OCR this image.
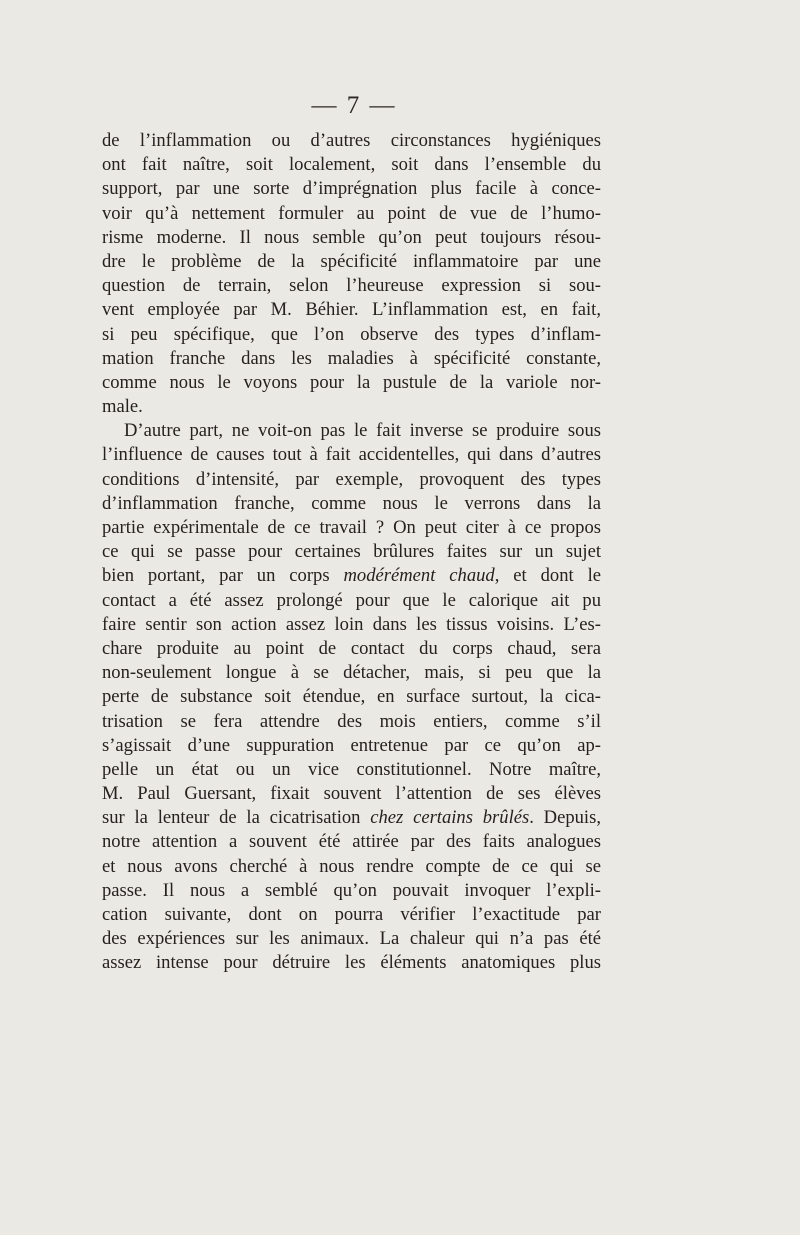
— 7 —
de l’inflammation ou d’autres circonstances hygiéniques
ont fait naître, soit localement, soit dans l’ensemble du
support, par une sorte d’imprégnation plus facile à conce-
voir qu’à nettement formuler au point de vue de l’humo-
risme moderne. Il nous semble qu’on peut toujours résou-
dre le problème de la spécificité inflammatoire par une
question de terrain, selon l’heureuse expression si sou-
vent employée par M. Béhier. L’inflammation est, en fait,
si peu spécifique, que l’on observe des types d’inflam-
mation franche dans les maladies à spécificité constante,
comme nous le voyons pour la pustule de la variole nor-
male.
D’autre part, ne voit-on pas le fait inverse se produire sous
l’influence de causes tout à fait accidentelles, qui dans d’autres
conditions d’intensité, par exemple, provoquent des types
d’inflammation franche, comme nous le verrons dans la
partie expérimentale de ce travail ? On peut citer à ce propos
ce qui se passe pour certaines brûlures faites sur un sujet
bien portant, par un corps modérément chaud, et dont le
contact a été assez prolongé pour que le calorique ait pu
faire sentir son action assez loin dans les tissus voisins. L’es-
chare produite au point de contact du corps chaud, sera
non-seulement longue à se détacher, mais, si peu que la
perte de substance soit étendue, en surface surtout, la cica-
trisation se fera attendre des mois entiers, comme s’il
s’agissait d’une suppuration entretenue par ce qu’on ap-
pelle un état ou un vice constitutionnel. Notre maître,
M. Paul Guersant, fixait souvent l’attention de ses élèves
sur la lenteur de la cicatrisation chez certains brûlés. Depuis,
notre attention a souvent été attirée par des faits analogues
et nous avons cherché à nous rendre compte de ce qui se
passe. Il nous a semblé qu’on pouvait invoquer l’expli-
cation suivante, dont on pourra vérifier l’exactitude par
des expériences sur les animaux. La chaleur qui n’a pas été
assez intense pour détruire les éléments anatomiques plus
